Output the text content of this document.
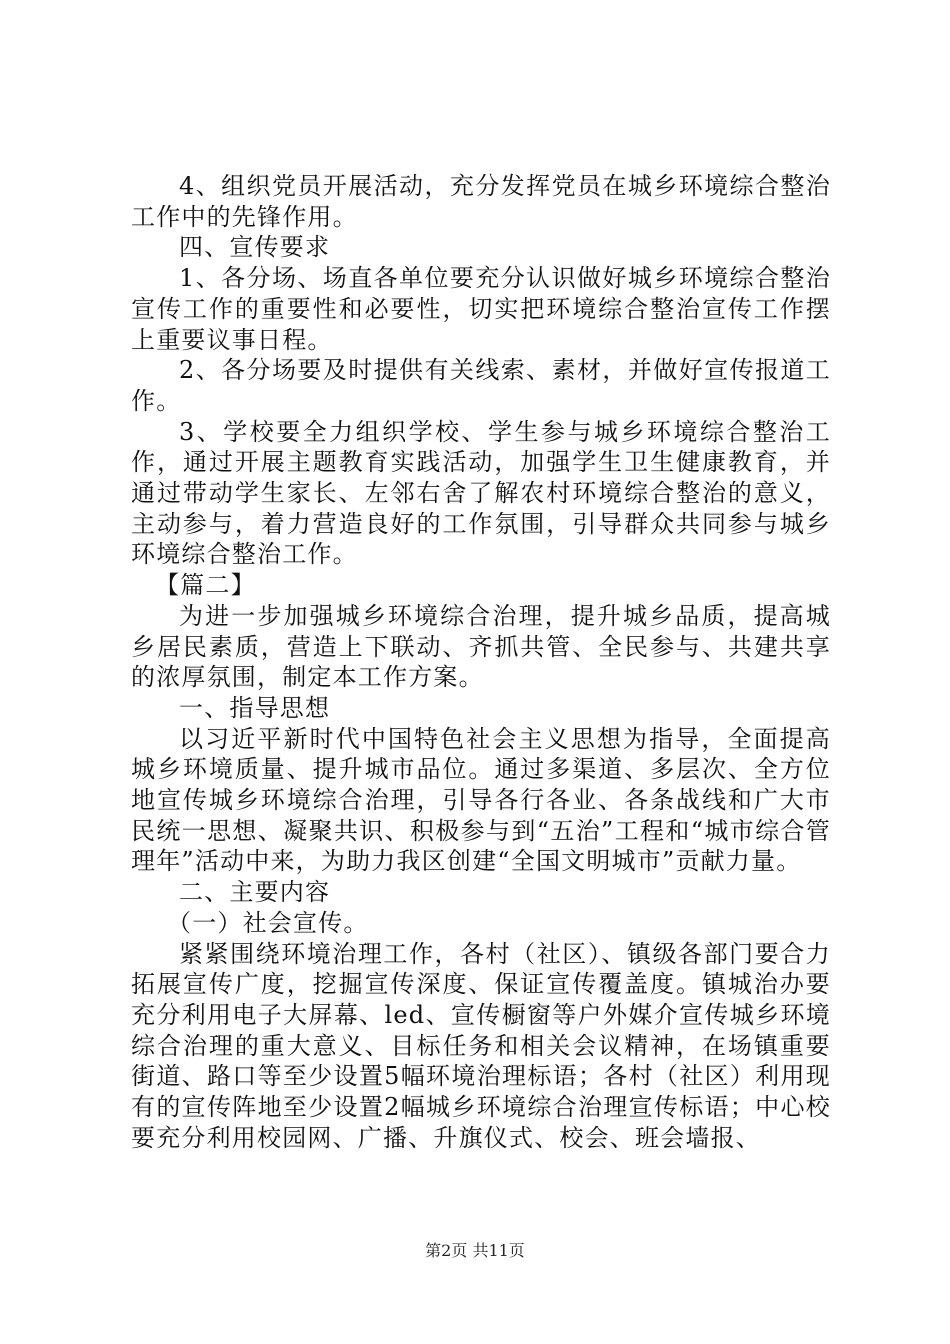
4、组织党员开展活动，充分发挥党员在城乡环境综合整治工作中的先锋作用。

四、宣传要求

1、各分场、场直各单位要充分认识做好城乡环境综合整治宣传工作的重要性和必要性，切实把环境综合整治宣传工作摆上重要议事日程。

2、各分场要及时提供有关线索、素材，并做好宣传报道工作。

3、学校要全力组织学校、学生参与城乡环境综合整治工作，通过开展主题教育实践活动，加强学生卫生健康教育，并通过带动学生家长、左邻右舍了解农村环境综合整治的意义，主动参与，着力营造良好的工作氛围，引导群众共同参与城乡环境综合整治工作。

【篇二】

为进一步加强城乡环境综合治理，提升城乡品质，提高城乡居民素质，营造上下联动、齐抓共管、全民参与、共建共享的浓厚氛围，制定本工作方案。

一、指导思想

以习近平新时代中国特色社会主义思想为指导，全面提高城乡环境质量、提升城市品位。通过多渠道、多层次、全方位地宣传城乡环境综合治理，引导各行各业、各条战线和广大市民统一思想、凝聚共识、积极参与到“五治”工程和“城市综合管理年”活动中来，为助力我区创建“全国文明城市”贡献力量。

二、主要内容

（一）社会宣传。

紧紧围绕环境治理工作，各村（社区）、镇级各部门要合力拓展宣传广度，挖掘宣传深度、保证宣传覆盖度。镇城治办要充分利用电子大屏幕、led、宣传橱窗等户外媒介宣传城乡环境综合治理的重大意义、目标任务和相关会议精神，在场镇重要街道、路口等至少设置5幅环境治理标语；各村（社区）利用现有的宣传阵地至少设置2幅城乡环境综合治理宣传标语；中心校要充分利用校园网、广播、升旗仪式、校会、班会墙报、

第2页 共11页
